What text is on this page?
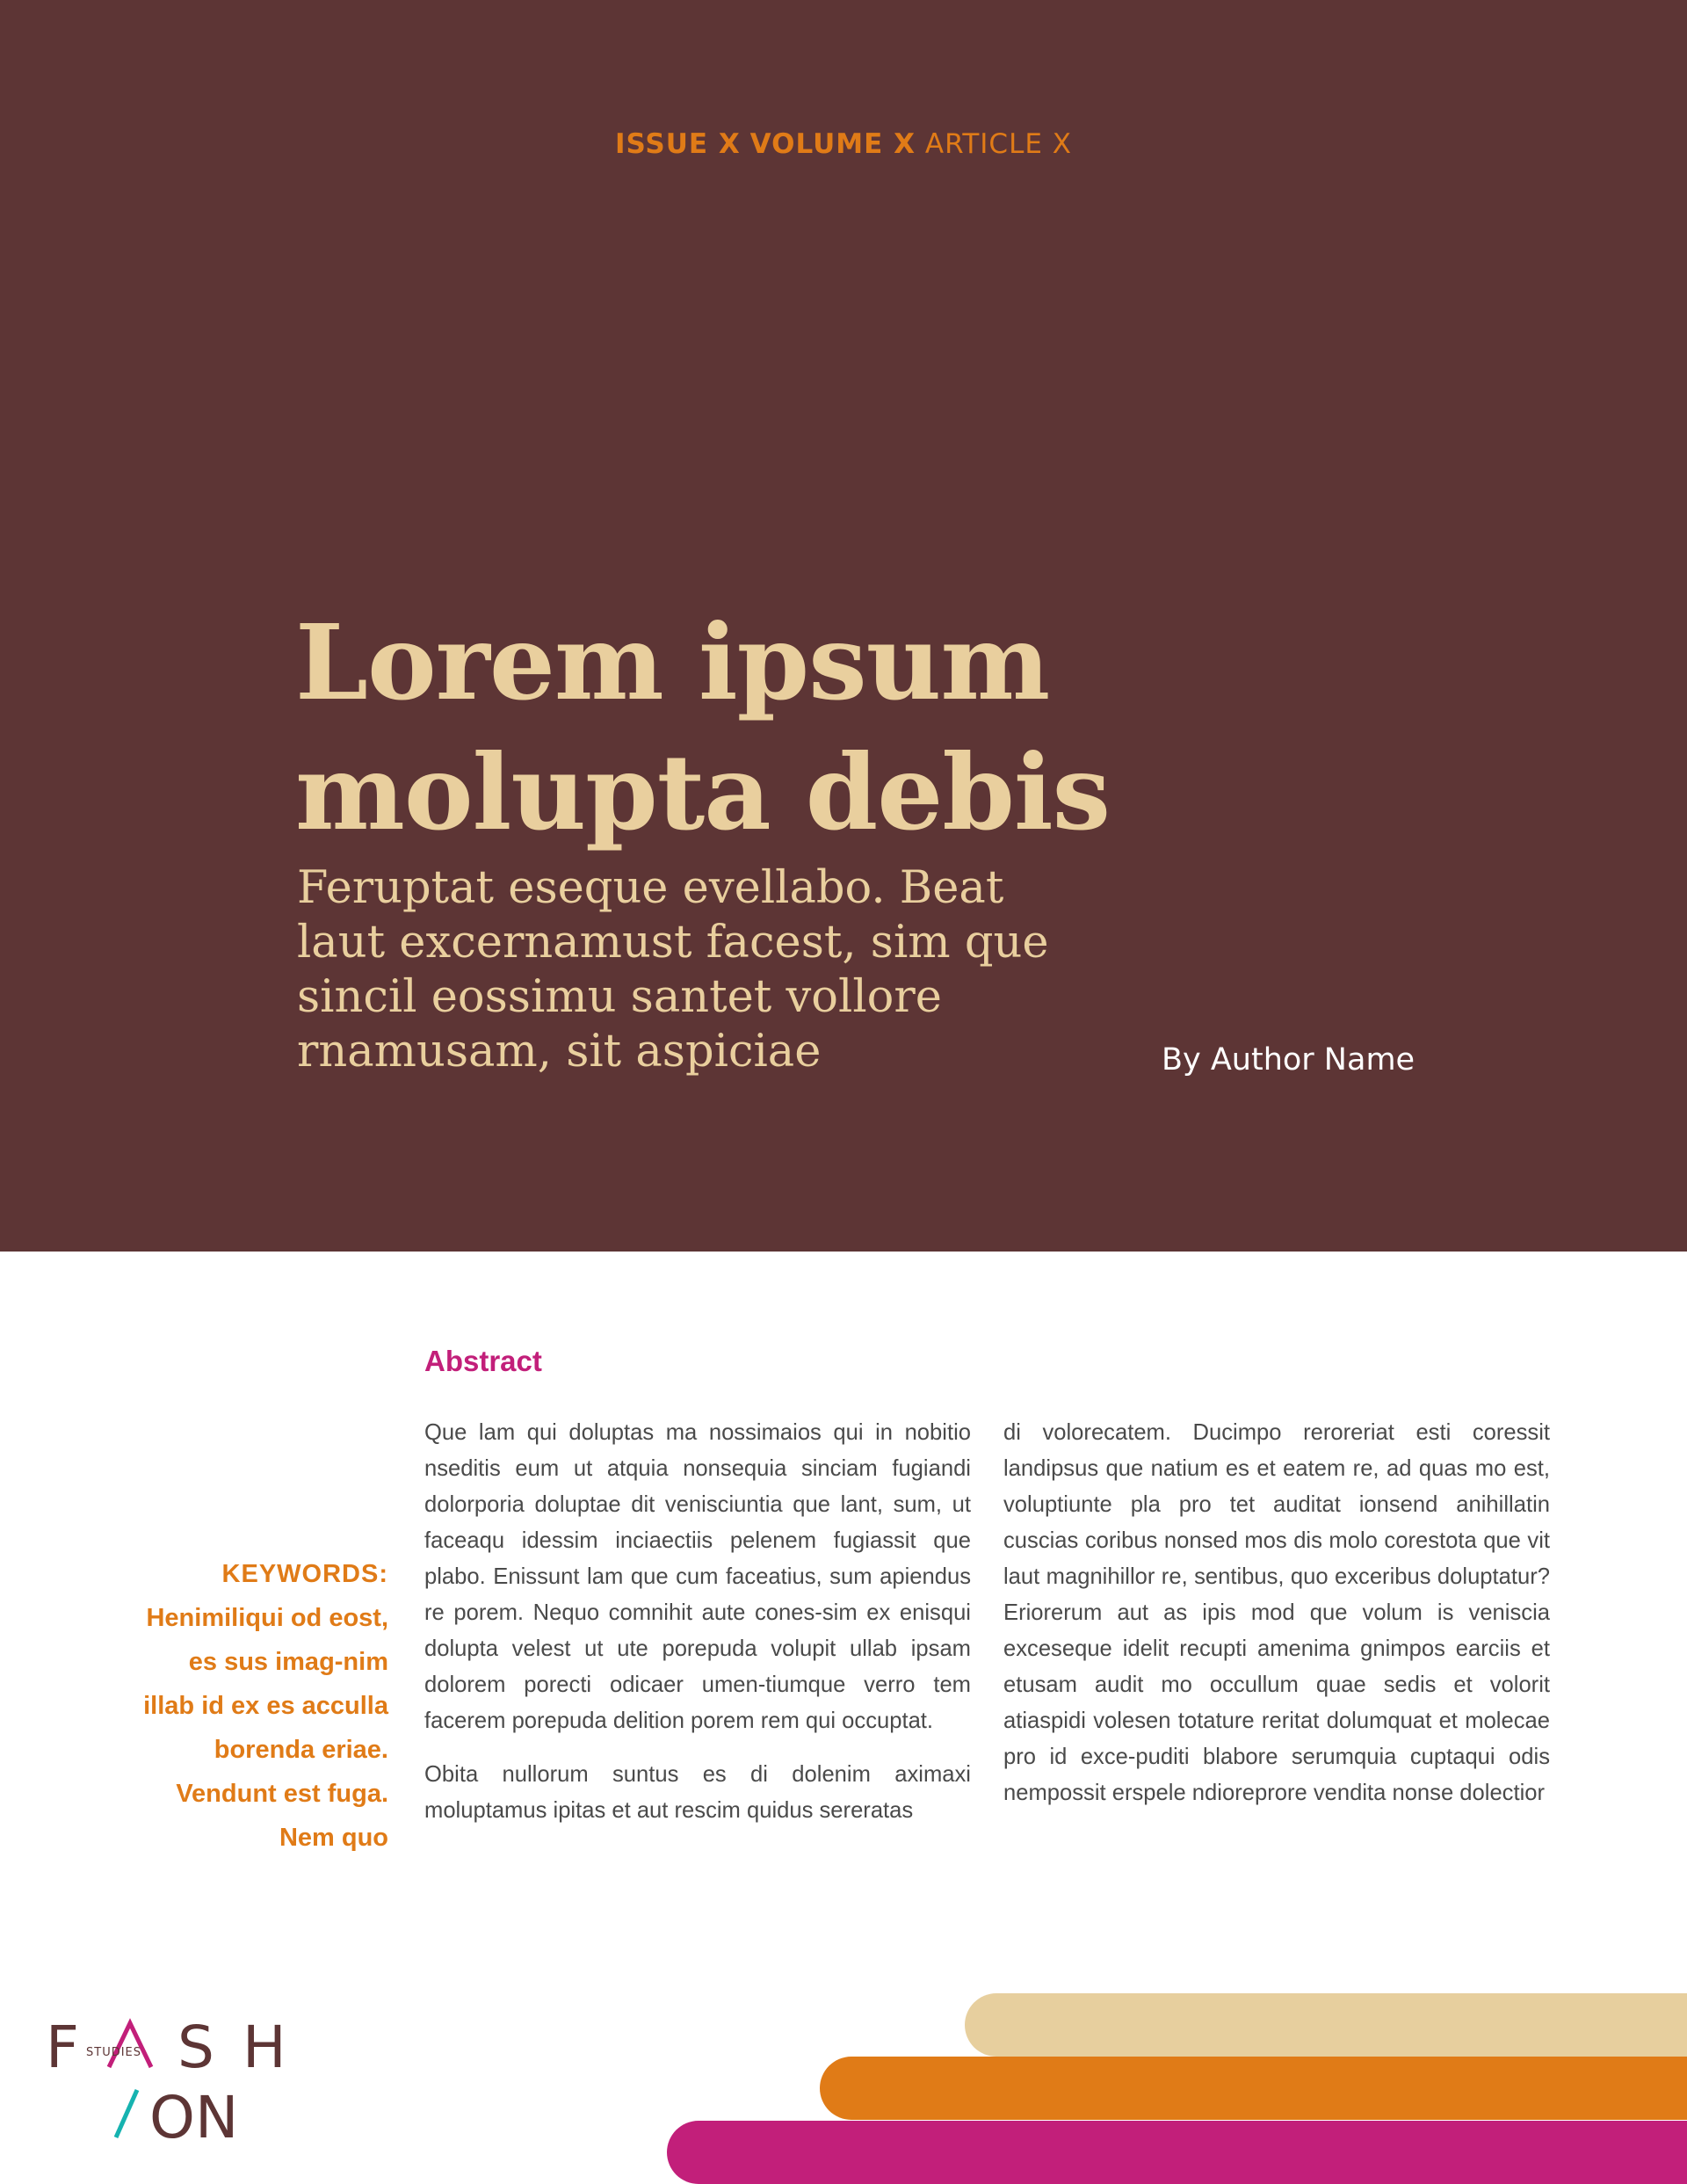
ISSUE X VOLUME X ARTICLE X
Lorem ipsum molupta debis
Feruptat eseque evellabo. Beat laut excernamust facest, sim que sincil eossimu santet vollore rnamusam, sit aspiciae	By Author Name
Abstract
KEYWORDS:
Henimiliqui od eost, es sus imag-nim illab id ex es acculla borenda eriae. Vendunt est fuga. Nem quo

Que lam qui doluptas ma nossimaios qui in nobitio nseditis eum ut atquia nonsequia sinciam fugiandi dolorporia doluptae dit venisciuntia que lant, sum, ut faceaqu idessim inciaectiis pelenem fugiassit que plabo. Enissunt lam que cum faceatius, sum apiendus re porem. Nequo comnihit aute cones-sim ex enisqui dolupta velest ut ute porepuda volupit ullab ipsam dolorem porecti odicaer umen-tiumque verro tem facerem porepuda delition porem rem qui occuptat.

Obita nullorum suntus es di dolenim aximaxi moluptamus ipitas et aut rescim quidus sereratas

di volorecatem. Ducimpo reroreriat esti coressit landipsus que natium es et eatem re, ad quas mo est, voluptiunte pla pro tet auditat ionsend anihillatin cuscias coribus nonsed mos dis molo corestota que vit laut magnihillor re, sentibus, quo exceribus doluptatur? Eriorerum aut as ipis mod que volum is veniscia exceseque idelit recupti amenima gnimpos earciis et etusam audit mo occullum quae sedis et volorit atiaspidi volesen totature reritat dolumquat et molecae pro id exce-puditi blabore serumquia cuptaqui odis nempossit erspele ndioreprore vendita nonse dolectior

F S H
STUDIES
ON
